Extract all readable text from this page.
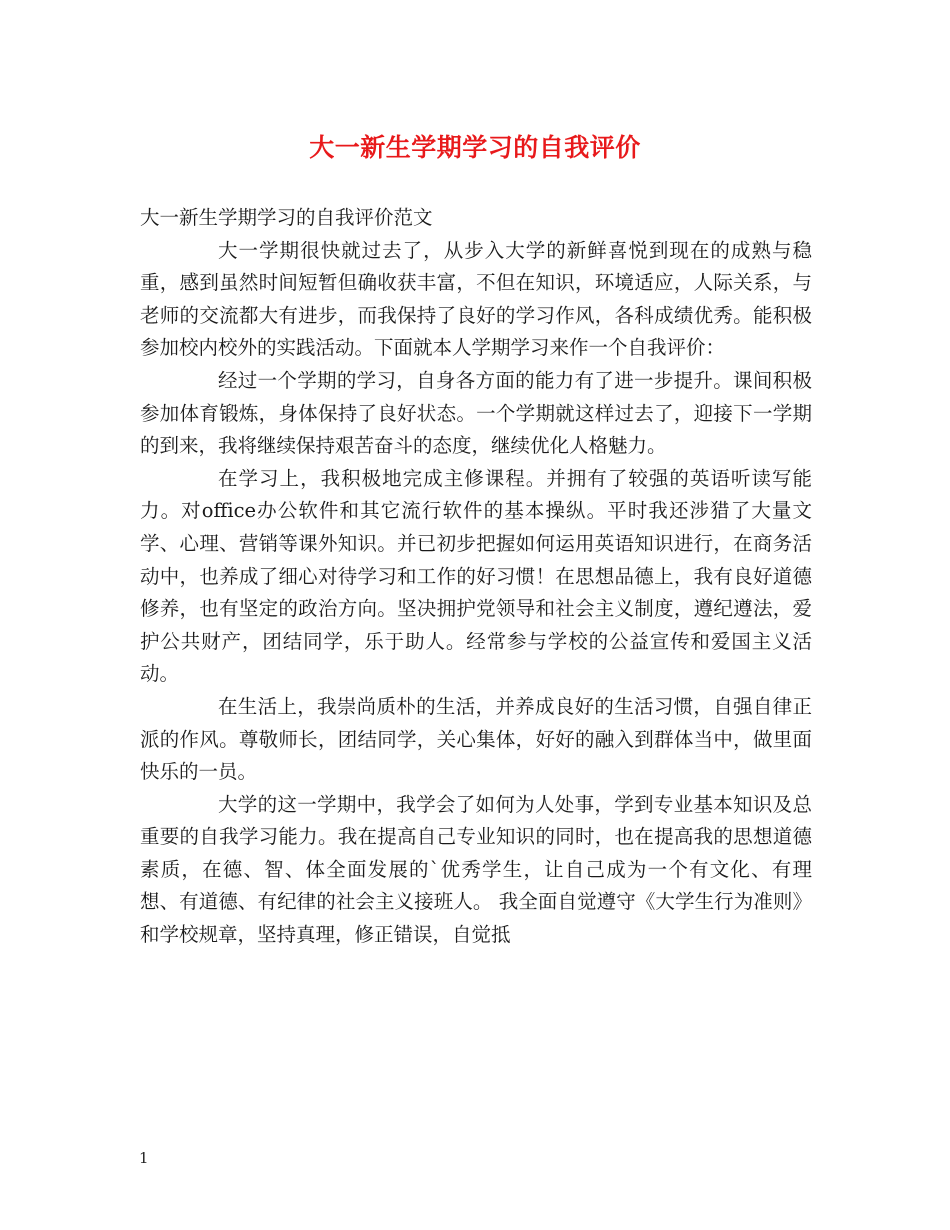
大一新生学期学习的自我评价

大一新生学期学习的自我评价范文

大一学期很快就过去了，从步入大学的新鲜喜悦到现在的成熟与稳重，感到虽然时间短暂但确收获丰富，不但在知识，环境适应，人际关系，与老师的交流都大有进步，而我保持了良好的学习作风，各科成绩优秀。能积极参加校内校外的实践活动。下面就本人学期学习来作一个自我评价：

经过一个学期的学习，自身各方面的能力有了进一步提升。课间积极参加体育锻炼，身体保持了良好状态。一个学期就这样过去了，迎接下一学期的到来，我将继续保持艰苦奋斗的态度，继续优化人格魅力。

在学习上，我积极地完成主修课程。并拥有了较强的英语听读写能力。对office办公软件和其它流行软件的基本操纵。平时我还涉猎了大量文学、心理、营销等课外知识。并已初步把握如何运用英语知识进行，在商务活动中，也养成了细心对待学习和工作的好习惯！在思想品德上，我有良好道德修养，也有坚定的政治方向。坚决拥护党领导和社会主义制度，遵纪遵法，爱护公共财产，团结同学，乐于助人。经常参与学校的公益宣传和爱国主义活动。

在生活上，我崇尚质朴的生活，并养成良好的生活习惯，自强自律正派的作风。尊敬师长，团结同学，关心集体，好好的融入到群体当中，做里面快乐的一员。

大学的这一学期中，我学会了如何为人处事，学到专业基本知识及总重要的自我学习能力。我在提高自己专业知识的同时，也在提高我的思想道德素质，在德、智、体全面发展的`优秀学生，让自己成为一个有文化、有理想、有道德、有纪律的社会主义接班人。 我全面自觉遵守《大学生行为准则》和学校规章，坚持真理，修正错误，自觉抵

1
